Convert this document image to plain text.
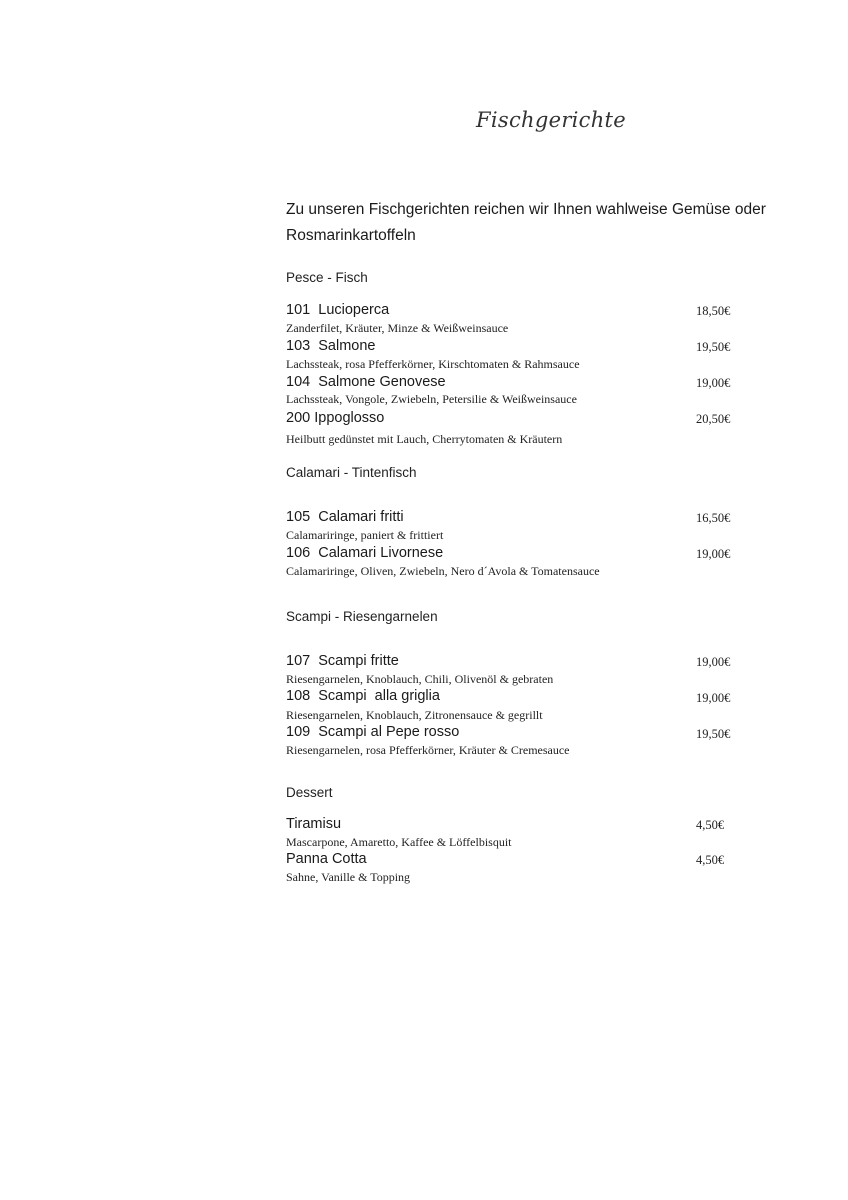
Fischgerichte
Zu unseren Fischgerichten reichen wir Ihnen wahlweise Gemüse oder Rosmarinkartoffeln
Pesce - Fisch
101  Lucioperca	18,50€
Zanderfilet, Kräuter, Minze & Weißweinsauce
103  Salmone	19,50€
Lachssteak, rosa Pfefferkörner, Kirschtomaten & Rahmsauce
104  Salmone Genovese	19,00€
Lachssteak, Vongole, Zwiebeln, Petersilie & Weißweinsauce
200 Ippoglosso	20,50€
Heilbutt gedünstet mit Lauch, Cherrytomaten & Kräutern
Calamari - Tintenfisch
105  Calamari fritti	16,50€
Calamariringe, paniert & frittiert
106  Calamari Livornese	19,00€
Calamariringe, Oliven, Zwiebeln, Nero d´Avola & Tomatensauce
Scampi - Riesengarnelen
107  Scampi fritte	19,00€
Riesengarnelen, Knoblauch, Chili, Olivenöl & gebraten
108  Scampi  alla griglia	19,00€
Riesengarnelen, Knoblauch, Zitronensauce & gegrillt
109  Scampi al Pepe rosso	19,50€
Riesengarnelen, rosa Pfefferkörner, Kräuter & Cremesauce
Dessert
Tiramisu	4,50€
Mascarpone, Amaretto, Kaffee & Löffelbisquit
Panna Cotta	4,50€
Sahne, Vanille & Topping
